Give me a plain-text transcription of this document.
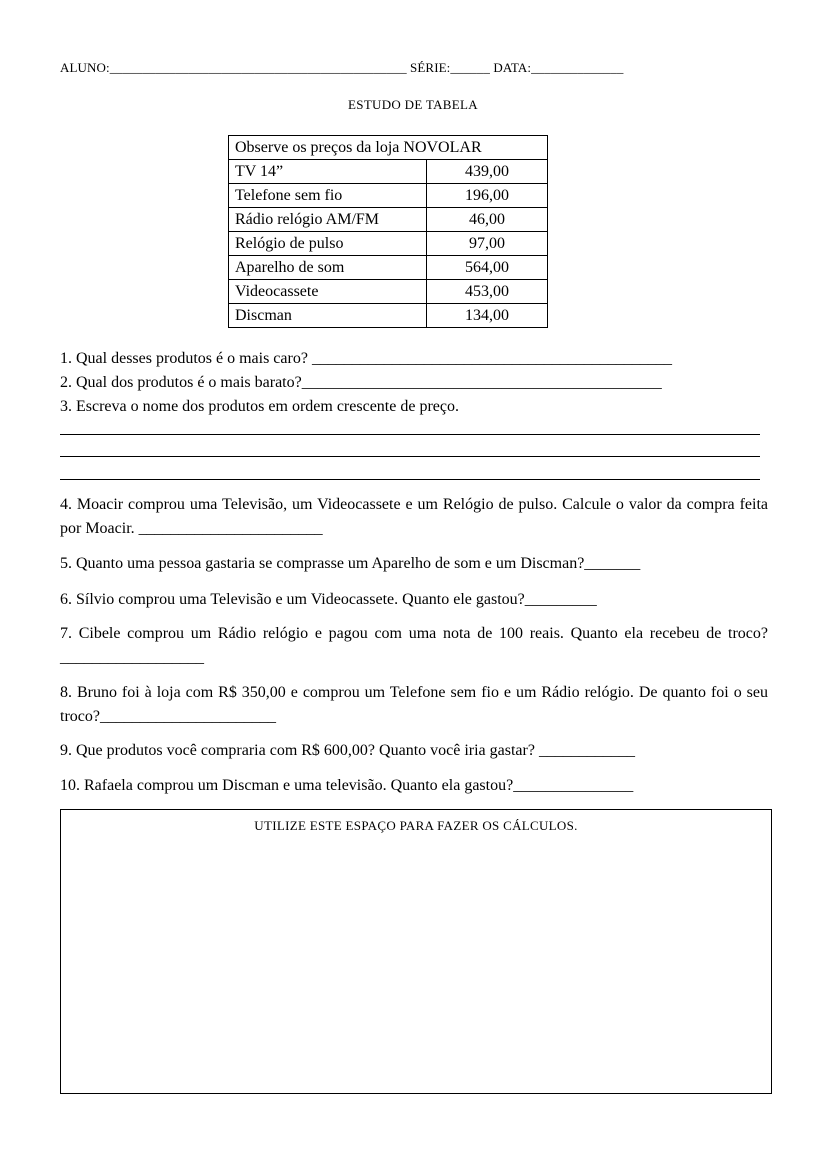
ALUNO:_____________________________________________ SÉRIE:______ DATA:______________
ESTUDO DE TABELA
Observe os preços da loja NOVOLAR	
TV 14”	439,00
Telefone sem fio	196,00
Rádio relógio AM/FM	46,00
Relógio de pulso	97,00
Aparelho de som	564,00
Videocassete	453,00
Discman	134,00
1. Qual desses produtos é o mais caro? _____________________________________________
2. Qual dos produtos é o mais barato?_____________________________________________
3. Escreva o nome dos produtos em ordem crescente de preço.
4. Moacir comprou uma Televisão, um Videocassete e um Relógio de pulso. Calcule o valor da compra feita por Moacir. _______________________
5. Quanto uma pessoa gastaria se comprasse um Aparelho de som e um Discman?_______
6. Sílvio comprou uma Televisão e um Videocassete. Quanto ele gastou?_________
7. Cibele comprou um Rádio relógio e pagou com uma nota de 100 reais. Quanto ela recebeu de troco?__________________
8. Bruno foi à loja com R$ 350,00 e comprou um Telefone sem fio e um Rádio relógio. De quanto foi o seu troco?______________________
9. Que produtos você compraria com R$ 600,00? Quanto você iria gastar? ____________
10. Rafaela comprou um Discman e uma televisão. Quanto ela gastou?_______________
UTILIZE ESTE ESPAÇO PARA FAZER OS CÁLCULOS.
